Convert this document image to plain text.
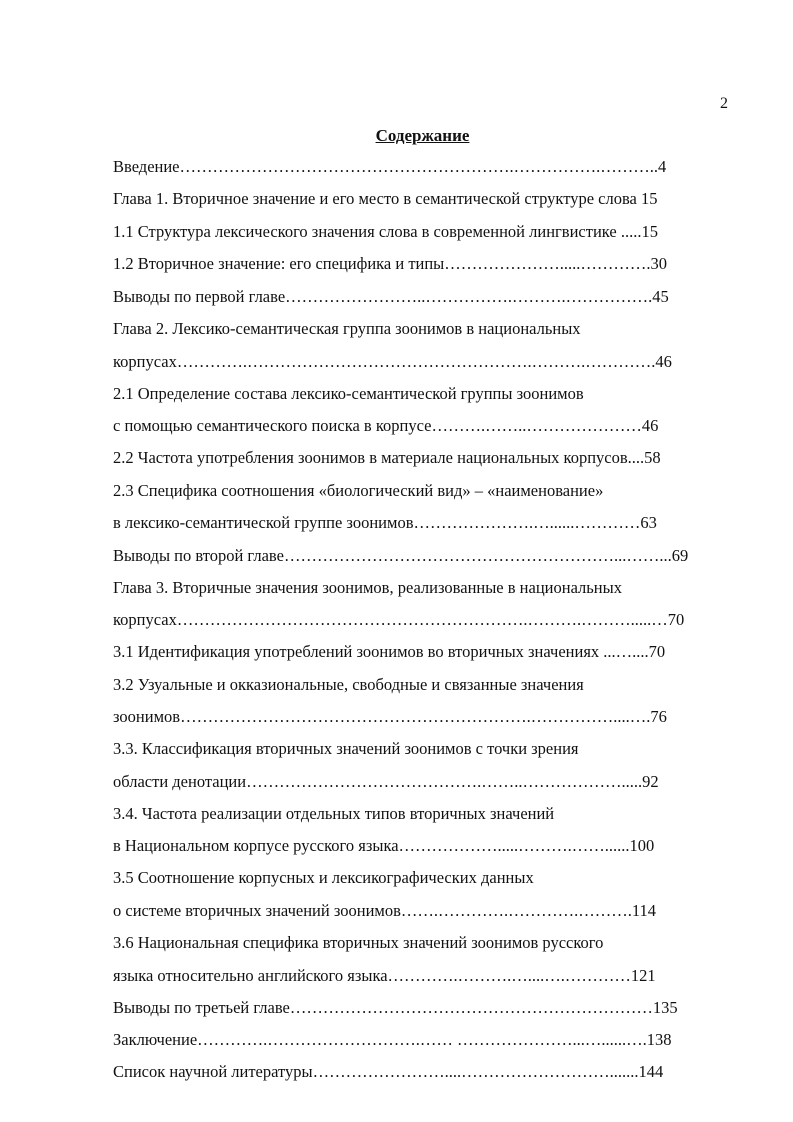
2
Содержание
Введение…………………………………………………….…………….………..4
Глава 1. Вторичное значение и его место в семантической структуре слова 15
1.1 Структура лексического значения слова в современной лингвистике .....15
1.2 Вторичное значение: его специфика и типы………………….....………….30
Выводы по первой главе……………………..…………….……….…………….45
Глава 2. Лексико-семантическая группа зоонимов в национальных
корпусах………….…………………………………………….……….………….46
2.1 Определение состава лексико-семантической группы зоонимов
с помощью семантического поиска в корпусе……….……..…………………46
2.2 Частота употребления зоонимов в материале национальных корпусов....58
2.3 Специфика соотношения «биологический вид» – «наименование»
в лексико-семантической группе зоонимов………………….…......…………63
Выводы по второй главе……………………………………………………...……...69
Глава 3. Вторичные значения зоонимов, реализованные в национальных
корпусах……………………………………………………….……….……….....…70
3.1 Идентификация употреблений зоонимов во вторичных значениях ...…....70
3.2 Узуальные и окказиональные, свободные и связанные значения
зоонимов……………………………………………………….……………....….76
3.3. Классификация вторичных значений зоонимов с точки зрения
области денотации…………………………………….……..……………….....92
3.4. Частота реализации отдельных типов вторичных значений
в Национальном корпусе русского языка……………….....……….……......100
3.5 Соотношение корпусных и лексикографических данных
о системе вторичных значений зоонимов…….………….………….……….114
3.6 Национальная специфика вторичных значений зоонимов русского
языка относительно английского языка………….……….…....….…………121
Выводы по третьей главе…………………………………………………………135
Заключение………….……………………….…… …………………...…......….138
Список научной литературы……………………....……………………….......144
